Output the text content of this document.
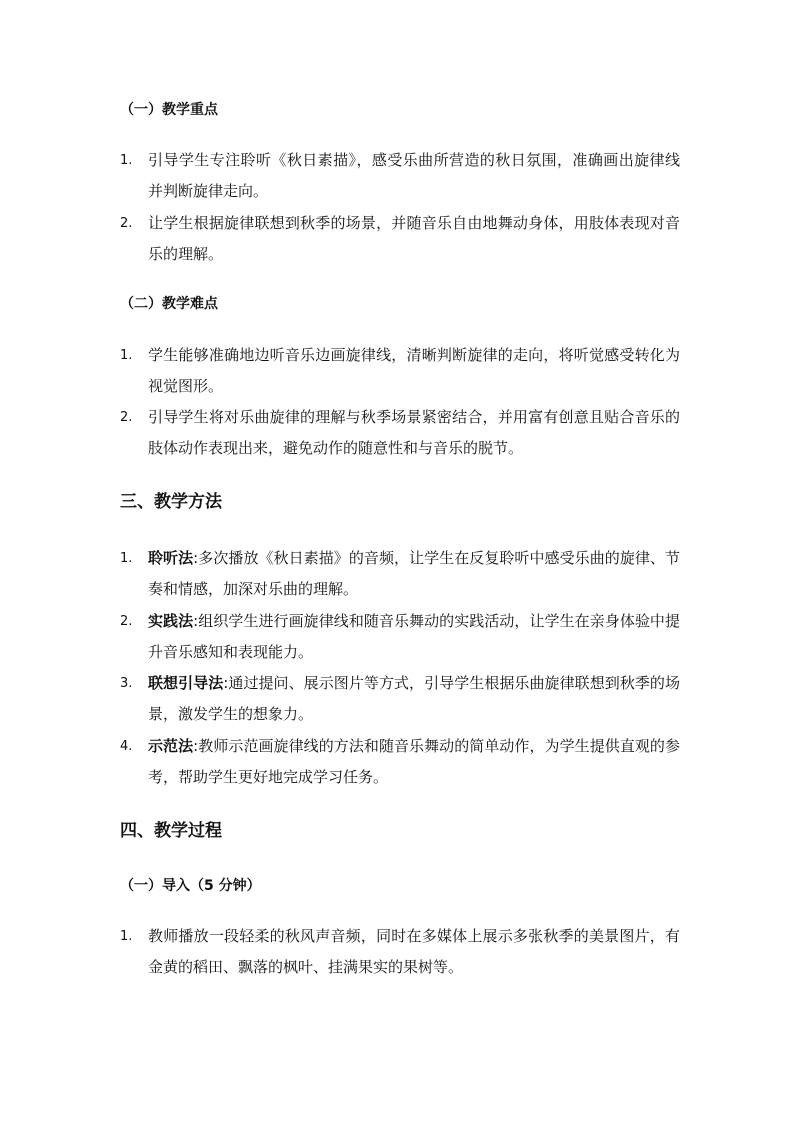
（一）教学重点
1. 引导学生专注聆听《秋日素描》，感受乐曲所营造的秋日氛围，准确画出旋律线并判断旋律走向。
2. 让学生根据旋律联想到秋季的场景，并随音乐自由地舞动身体，用肢体表现对音乐的理解。
（二）教学难点
1. 学生能够准确地边听音乐边画旋律线，清晰判断旋律的走向，将听觉感受转化为视觉图形。
2. 引导学生将对乐曲旋律的理解与秋季场景紧密结合，并用富有创意且贴合音乐的肢体动作表现出来，避免动作的随意性和与音乐的脱节。
三、教学方法
1. 聆听法:多次播放《秋日素描》的音频，让学生在反复聆听中感受乐曲的旋律、节奏和情感，加深对乐曲的理解。
2. 实践法:组织学生进行画旋律线和随音乐舞动的实践活动，让学生在亲身体验中提升音乐感知和表现能力。
3. 联想引导法:通过提问、展示图片等方式，引导学生根据乐曲旋律联想到秋季的场景，激发学生的想象力。
4. 示范法:教师示范画旋律线的方法和随音乐舞动的简单动作，为学生提供直观的参考，帮助学生更好地完成学习任务。
四、教学过程
（一）导入（5 分钟）
1. 教师播放一段轻柔的秋风声音频，同时在多媒体上展示多张秋季的美景图片，有金黄的稻田、飘落的枫叶、挂满果实的果树等。
